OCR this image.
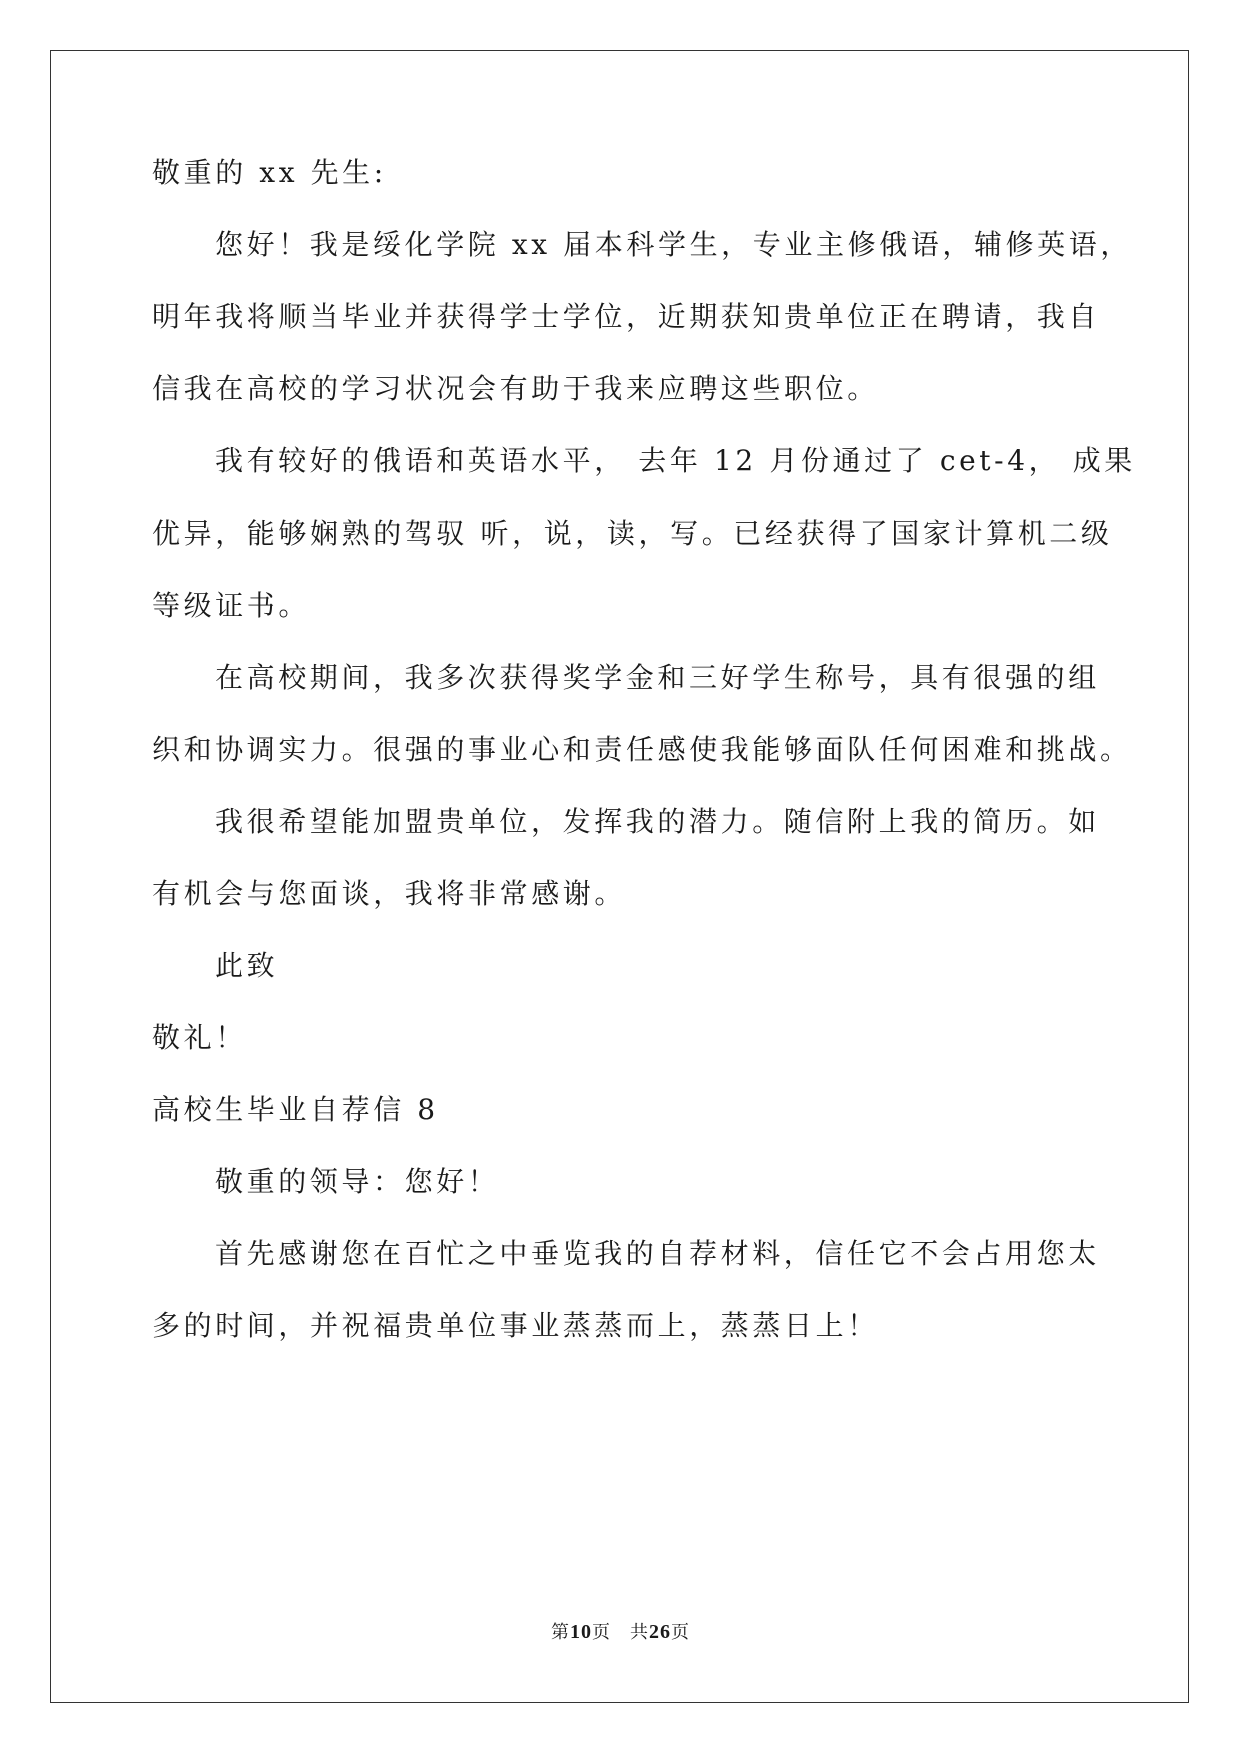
敬重的 xx 先生:
您好！我是绥化学院 xx 届本科学生，专业主修俄语，辅修英语，
明年我将顺当毕业并获得学士学位，近期获知贵单位正在聘请，我自
信我在高校的学习状况会有助于我来应聘这些职位。
我有较好的俄语和英语水平， 去年 12 月份通过了 cet-4， 成果
优异，能够娴熟的驾驭 听，说，读，写。已经获得了国家计算机二级
等级证书。
在高校期间，我多次获得奖学金和三好学生称号，具有很强的组
织和协调实力。很强的事业心和责任感使我能够面队任何困难和挑战。
我很希望能加盟贵单位，发挥我的潜力。随信附上我的简历。如
有机会与您面谈，我将非常感谢。
此致
敬礼！
高校生毕业自荐信 8
敬重的领导：您好！
首先感谢您在百忙之中垂览我的自荐材料，信任它不会占用您太
多的时间，并祝福贵单位事业蒸蒸而上，蒸蒸日上！
第10页　共26页
